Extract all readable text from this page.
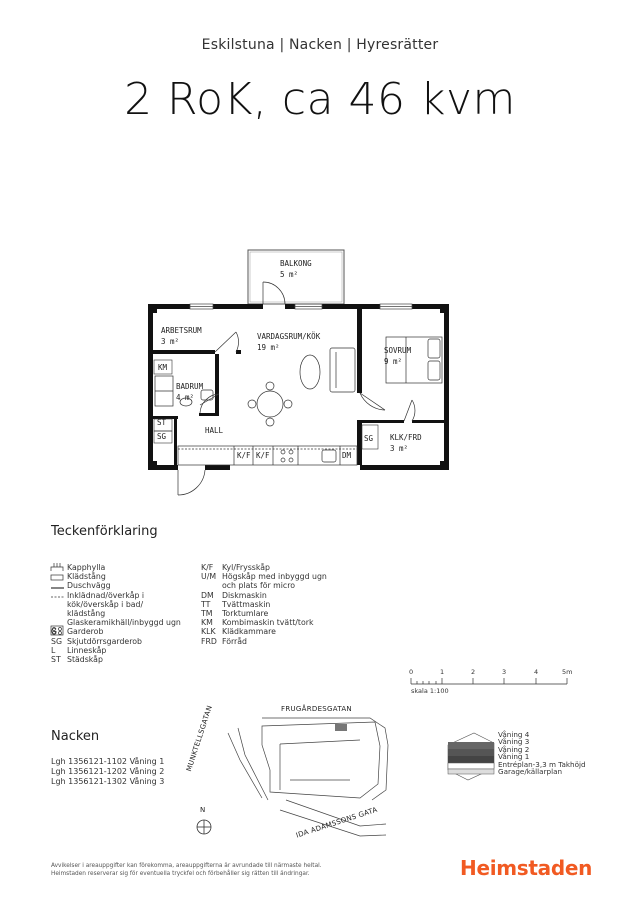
Eskilstuna | Nacken | Hyresrätter
2 RoK, ca 46 kvm
BALKONG
5 m²
ARBETSRUM
3 m²
VARDAGSRUM/KÖK
19 m²	SOVRUM
9 m²
BADRUM
4 m²
KLK/FRD
3 m²
HALL
KM
ST
SG	SG
K/F K/F	DM
FRUGÅRDESGATAN
MUNKTELLSGATAN
IDA ADAMSSONS GATA
N
Teckenförklaring
Kapphylla
Klädstång
Duschvägg
Inklädnad/överkåp i
kök/överskåp i bad/
klädstång
Glaskeramikhäll/inbyggd ugn
G	Garderob
SG Skjutdörrsgarderob
L	Linneskåp
ST Städskåp
K/F	Kyl/Frysskåp
U/M Högskåp med inbyggd ugn
och plats för micro
DM	Diskmaskin
TT	Tvättmaskin
TM	Torktumlare
KM	Kombimaskin tvätt/tork
KLK Klädkammare
FRD Förråd
0	1	2	3	4	5m
skala 1:100
Nacken
Lgh 1356121-1102 Våning 1
Lgh 1356121-1202 Våning 2
Lgh 1356121-1302 Våning 3
Våning 4
Våning 3
Våning 2
Våning 1
Entréplan-3,3 m Takhöjd
Garage/källarplan
Avvikelser i areauppgifter kan förekomma, areauppgifterna är avrundade till närmaste heltal.
Heimstaden reserverar sig för eventuella tryckfel och förbehåller sig rätten till ändringar.	Heimstaden
